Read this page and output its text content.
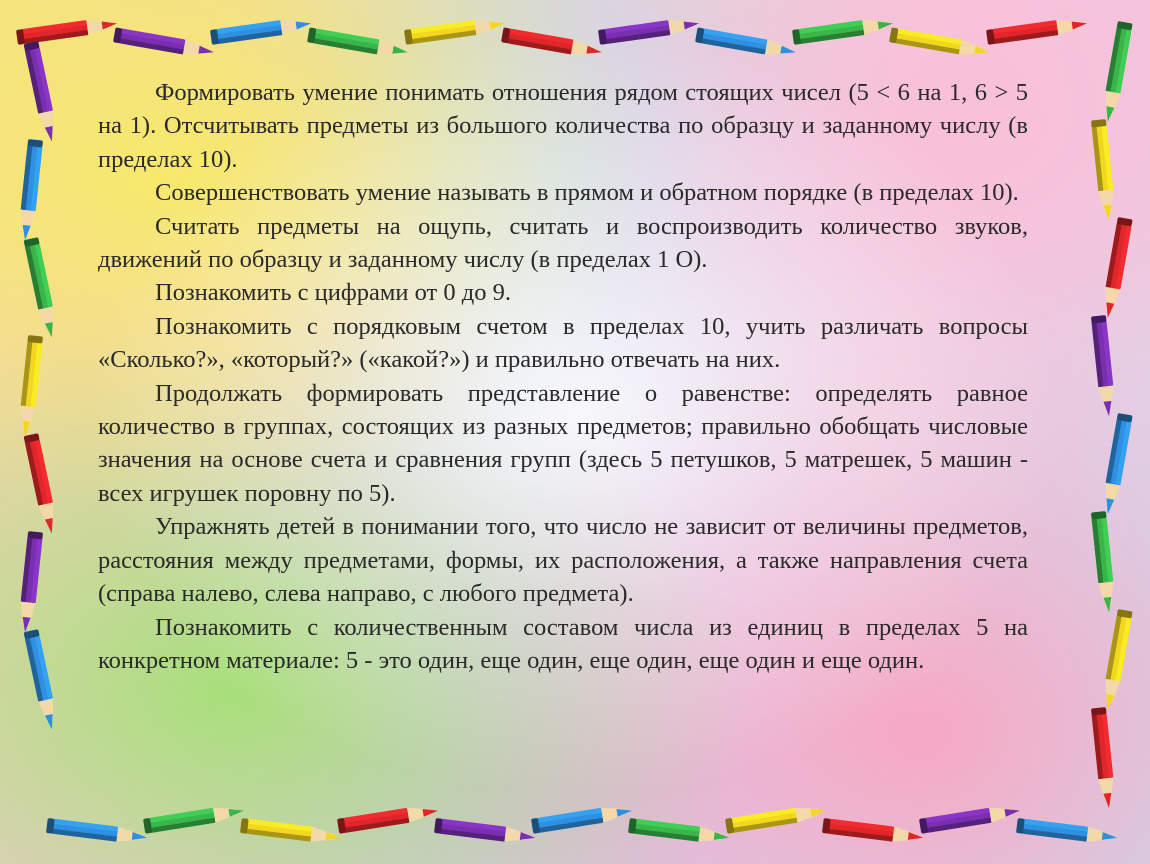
Формировать умение понимать отношения рядом стоящих чисел (5 < 6 на 1, 6 > 5 на 1). Отсчитывать предметы из большого количества по образцу и заданному числу (в пределах 10).

Совершенствовать умение называть в прямом и обратном порядке (в пределах 10).

Считать предметы на ощупь, считать и воспроизводить количество звуков, движений по образцу и заданному числу (в пределах 1 О).

Познакомить с цифрами от 0 до 9.

Познакомить с порядковым счетом в пределах 10, учить различать вопросы «Сколько?», «который?» («какой?») и правильно отвечать на них.

Продолжать формировать представление о равенстве: определять равное количество в группах, состоящих из разных предметов; правильно обобщать числовые значения на основе счета и сравнения групп (здесь 5 петушков, 5 матрешек, 5 машин - всех игрушек поровну по 5).

Упражнять детей в понимании того, что число не зависит от величины предметов, расстояния между предметами, формы, их расположения, а также направления счета (справа налево, слева направо, с любого предмета).

Познакомить с количественным составом числа из единиц в пределах 5 на конкретном материале: 5 - это один, еще один, еще один, еще один и еще один.
